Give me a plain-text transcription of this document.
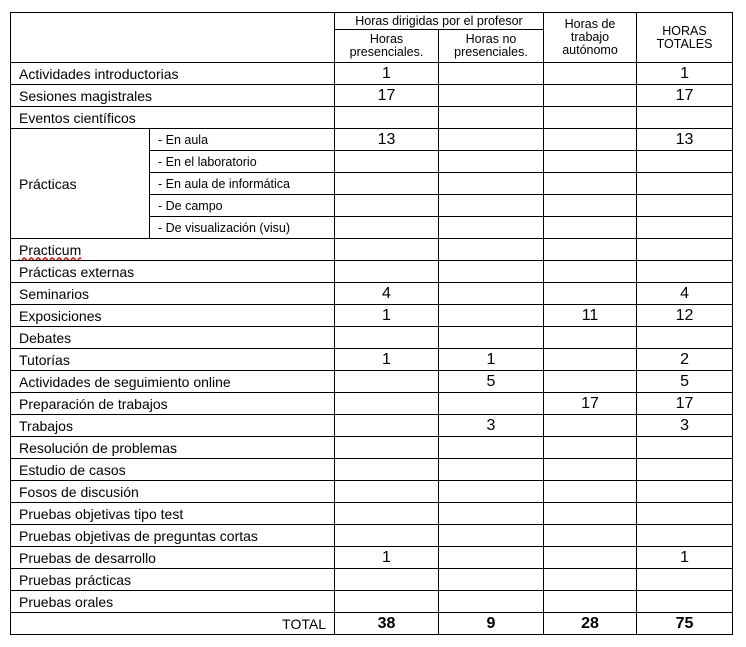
		Horas dirigidas por el profesor		Horas de trabajo autónomo	HORAS TOTALES
		Horas presenciales.	Horas no presenciales.		
Actividades introductorias		1			1
Sesiones magistrales		17			17
Eventos científicos					
Prácticas	- En aula	13			13
	- En el laboratorio				
	- En aula de informática				
	- De campo				
	- De visualización (visu)				
Practicum					
Prácticas externas					
Seminarios		4			4
Exposiciones		1		11	12
Debates					
Tutorías		1	1		2
Actividades de seguimiento online			5		5
Preparación de trabajos				17	17
Trabajos			3		3
Resolución de problemas					
Estudio de casos					
Fosos de discusión					
Pruebas objetivas tipo test					
Pruebas objetivas de preguntas cortas					
Pruebas de desarrollo		1			1
Pruebas prácticas					
Pruebas orales					
TOTAL		38	9	28	75
